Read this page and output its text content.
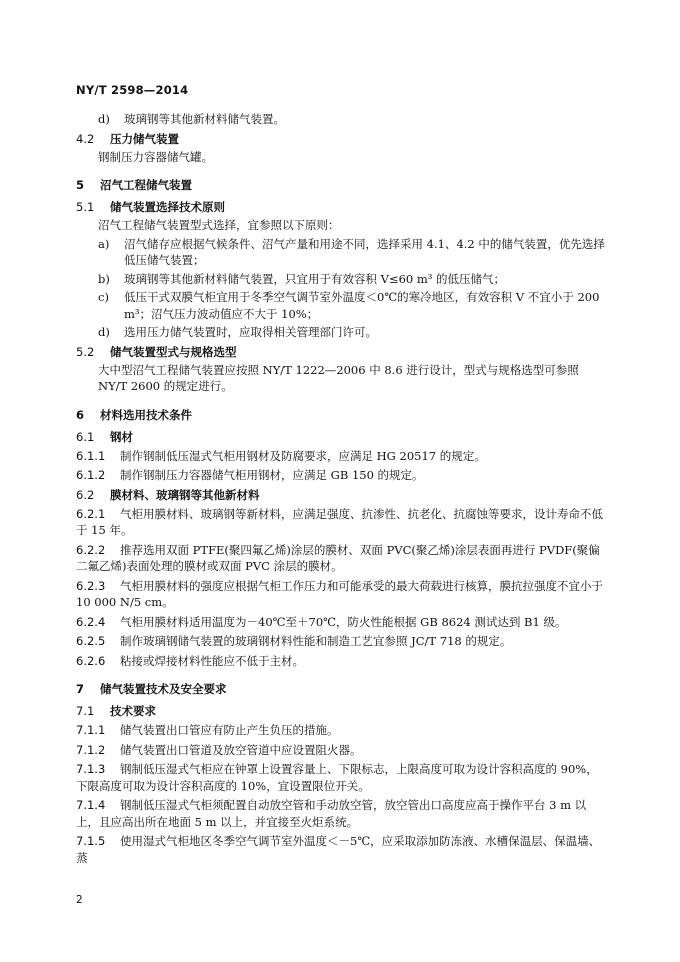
NY/T 2598—2014
d)	玻璃钢等其他新材料储气装置。
4.2 压力储气装置
钢制压力容器储气罐。
5 沼气工程储气装置
5.1 储气装置选择技术原则
沼气工程储气装置型式选择，宜参照以下原则：
a)	沼气储存应根据气候条件、沼气产量和用途不同，选择采用 4.1、4.2 中的储气装置，优先选择低压储气装置；
b)	玻璃钢等其他新材料储气装置，只宜用于有效容积 V≤60 m³ 的低压储气；
c)	低压干式双膜气柜宜用于冬季空气调节室外温度＜0℃的寒冷地区，有效容积 V 不宜小于 200 m³；沼气压力波动值应不大于 10%；
d)	选用压力储气装置时，应取得相关管理部门许可。
5.2 储气装置型式与规格选型
大中型沼气工程储气装置应按照 NY/T 1222—2006 中 8.6 进行设计，型式与规格选型可参照 NY/T 2600 的规定进行。
6 材料选用技术条件
6.1 钢材
6.1.1 制作钢制低压湿式气柜用钢材及防腐要求，应满足 HG 20517 的规定。
6.1.2 制作钢制压力容器储气柜用钢材，应满足 GB 150 的规定。
6.2 膜材料、玻璃钢等其他新材料
6.2.1 气柜用膜材料、玻璃钢等新材料，应满足强度、抗渗性、抗老化、抗腐蚀等要求，设计寿命不低于 15 年。
6.2.2 推荐选用双面 PTFE(聚四氟乙烯)涂层的膜材、双面 PVC(聚乙烯)涂层表面再进行 PVDF(聚偏二氟乙烯)表面处理的膜材或双面 PVC 涂层的膜材。
6.2.3 气柜用膜材料的强度应根据气柜工作压力和可能承受的最大荷载进行核算，膜抗拉强度不宜小于 10 000 N/5 cm。
6.2.4 气柜用膜材料适用温度为－40℃至＋70℃，防火性能根据 GB 8624 测试达到 B1 级。
6.2.5 制作玻璃钢储气装置的玻璃钢材料性能和制造工艺宜参照 JC/T 718 的规定。
6.2.6 粘接或焊接材料性能应不低于主材。
7 储气装置技术及安全要求
7.1 技术要求
7.1.1 储气装置出口管应有防止产生负压的措施。
7.1.2 储气装置出口管道及放空管道中应设置阻火器。
7.1.3 钢制低压湿式气柜应在钟罩上设置容量上、下限标志，上限高度可取为设计容积高度的 90%，下限高度可取为设计容积高度的 10%，宜设置限位开关。
7.1.4 钢制低压湿式气柜须配置自动放空管和手动放空管，放空管出口高度应高于操作平台 3 m 以上，且应高出所在地面 5 m 以上，并宜接至火炬系统。
7.1.5 使用湿式气柜地区冬季空气调节室外温度＜－5℃，应采取添加防冻液、水槽保温层、保温墙、蒸
2
